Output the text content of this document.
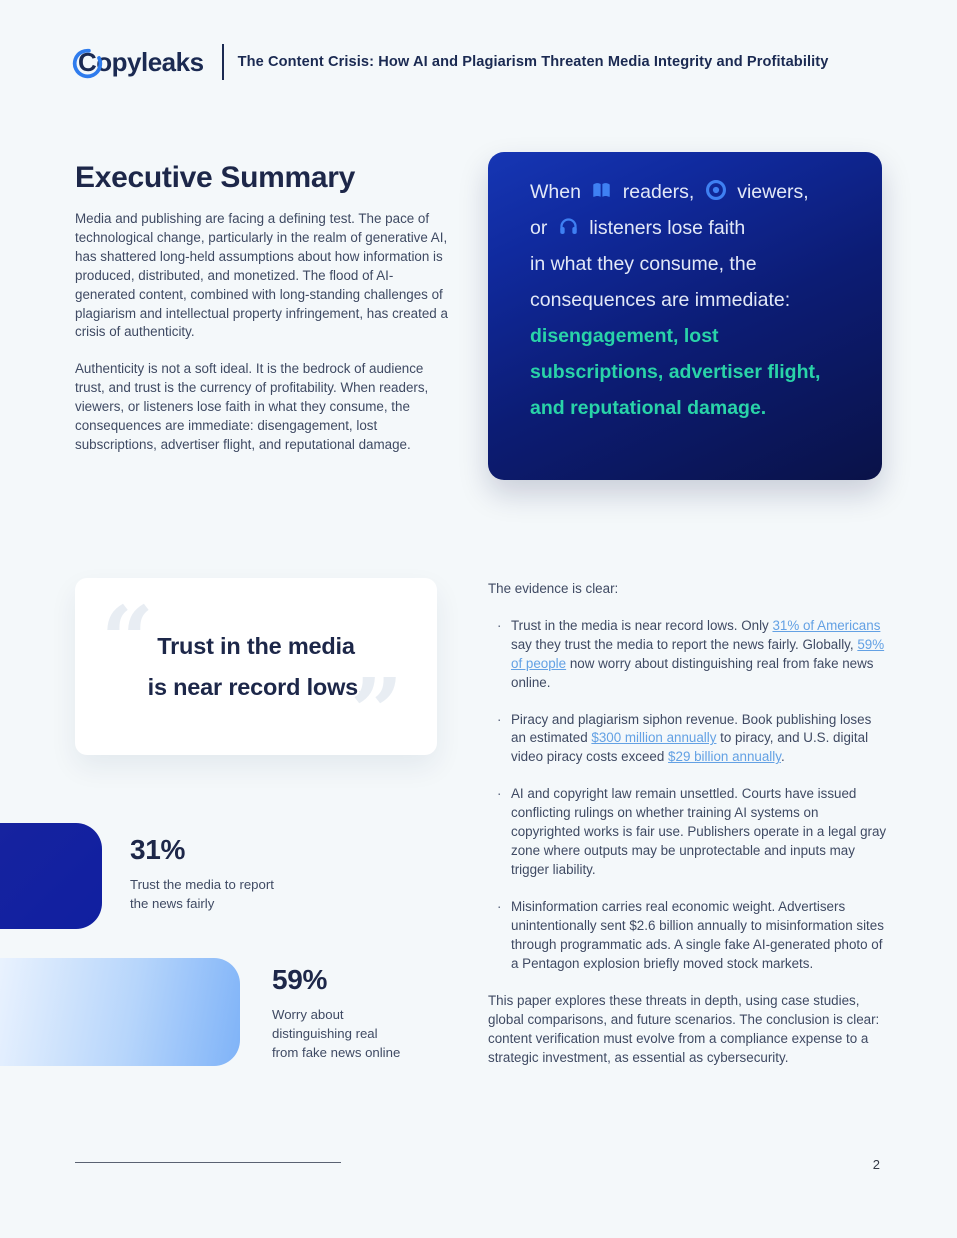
Copyleaks The Content Crisis: How AI and Plagiarism Threaten Media Integrity and Profitability
Executive Summary

Media and publishing are facing a defining test. The pace of technological change, particularly in the realm of generative AI, has shattered long-held assumptions about how information is produced, distributed, and monetized. The flood of AI-generated content, combined with long-standing challenges of plagiarism and intellectual property infringement, has created a crisis of authenticity.

Authenticity is not a soft ideal. It is the bedrock of audience trust, and trust is the currency of profitability. When readers, viewers, or listeners lose faith in what they consume, the consequences are immediate: disengagement, lost subscriptions, advertiser flight, and reputational damage.

When readers, viewers,
or listeners lose faith
in what they consume, the
consequences are immediate:
disengagement, lost
subscriptions, advertiser flight,
and reputational damage.
“ Trust in the media
is near record lows.
”
The evidence is clear:
· Trust in the media is near record lows. Only 31% of Americans say they trust the media to report the news fairly. Globally, 59% of people now worry about distinguishing real from fake news online.
· Piracy and plagiarism siphon revenue. Book publishing loses an estimated $300 million annually to piracy, and U.S. digital video piracy costs exceed $29 billion annually.
· AI and copyright law remain unsettled. Courts have issued conflicting rulings on whether training AI systems on copyrighted works is fair use. Publishers operate in a legal gray zone where outputs may be unprotectable and inputs may trigger liability.
· Misinformation carries real economic weight. Advertisers unintentionally sent $2.6 billion annually to misinformation sites through programmatic ads. A single fake AI-generated photo of a Pentagon explosion briefly moved stock markets.
This paper explores these threats in depth, using case studies, global comparisons, and future scenarios. The conclusion is clear: content verification must evolve from a compliance expense to a strategic investment, as essential as cybersecurity.
31%
Trust the media to report
the news fairly
59%
Worry about
distinguishing real
from fake news online
2
